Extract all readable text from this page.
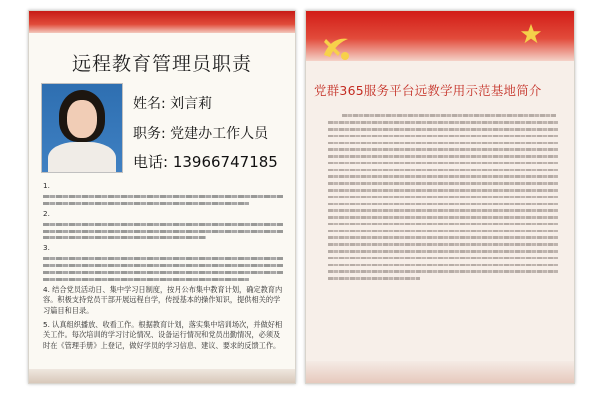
远程教育管理员职责
姓名: 刘言莉
职务: 党建办工作人员
电话: 13966747185
1.
2.
3.
4. 结合党员活动日、集中学习日制度，按月公布集中教育计划，确定教育内容。积极支持党员干部开展远程自学，传授基本的操作知识，提供相关的学习篇目和目录。
5. 认真组织播放、收看工作。根据教育计划，落实集中培训场次，并做好相关工作。每次培训的学习讨论情况、设备运行情况和党员出勤情况，必须及时在《管理手册》上登记，做好学员的学习信息、建议、要求的反馈工作。
党群365服务平台远教学用示范基地简介
